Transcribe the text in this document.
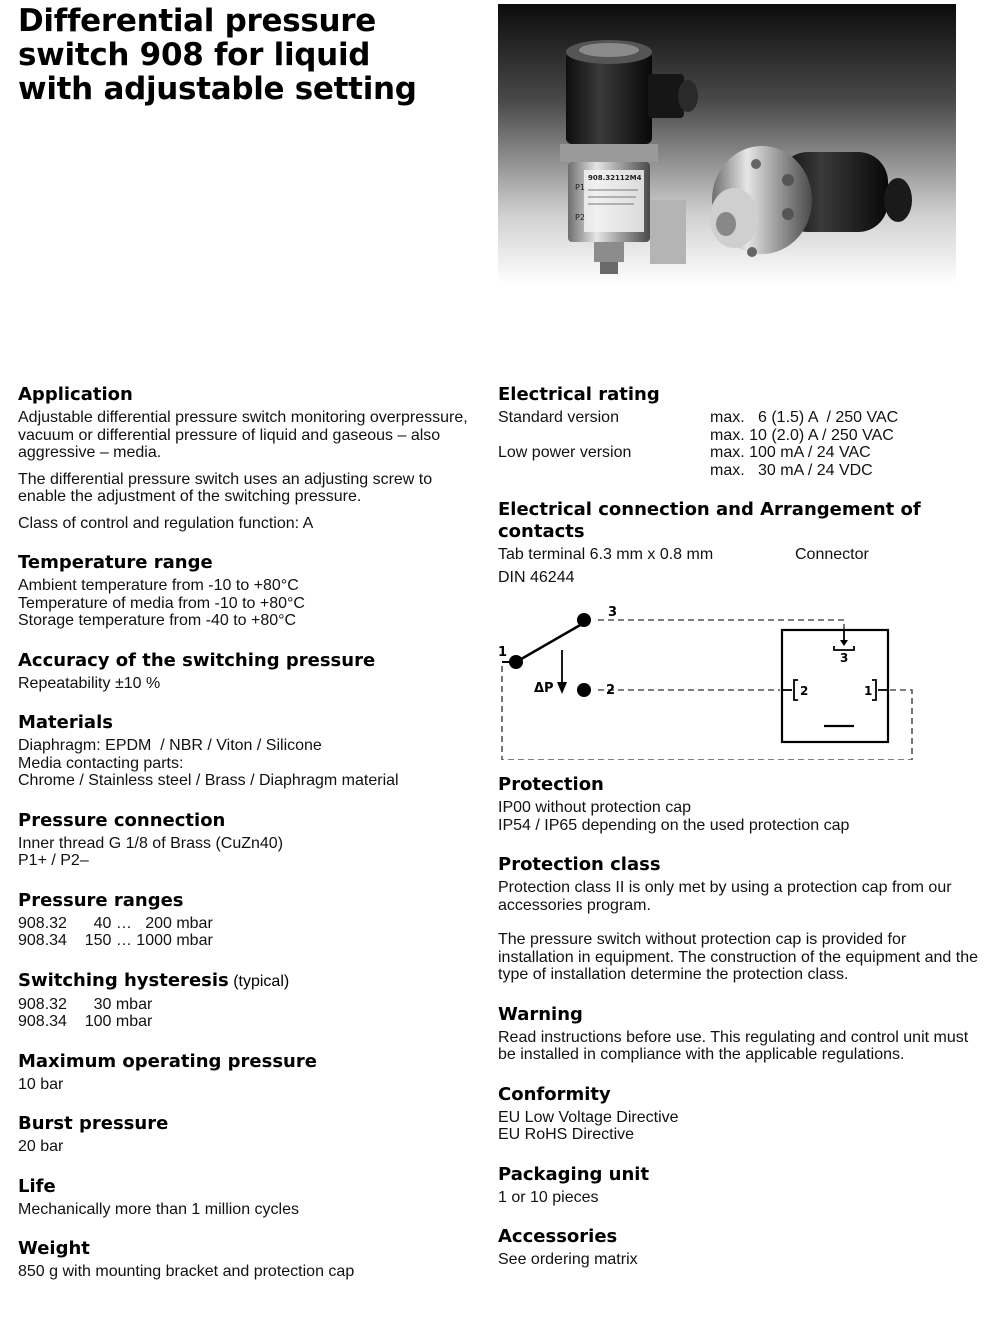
Differential pressure
switch 908 for liquid
with adjustable setting
908.32112M4
P1
P2
Application

Adjustable differential pressure switch monitoring overpressure, vacuum or differential pressure of liquid and gaseous – also aggressive – media.

The differential pressure switch uses an adjusting screw to enable the adjustment of the switching pressure.

Class of control and regulation function: A

Temperature range
Ambient temperature from -10 to +80°C
Temperature of media from -10 to +80°C
Storage temperature from -40 to +80°C
Accuracy of the switching pressure
Repeatability ±10 %
Materials
Diaphragm: EPDM  / NBR / Viton / Silicone
Media contacting parts:
Chrome / Stainless steel / Brass / Diaphragm material
Pressure connection
Inner thread G 1/8 of Brass (CuZn40)
P1+ / P2–
Pressure ranges
908.32      40 …   200 mbar
908.34    150 … 1000 mbar
Switching hysteresis (typical)
908.32      30 mbar
908.34    100 mbar
Maximum operating pressure
10 bar
Burst pressure
20 bar
Life
Mechanically more than 1 million cycles
Weight
850 g with mounting bracket and protection cap
Electrical rating
Standard version	max.   6 (1.5) A  / 250 VAC
max. 10 (2.0) A / 250 VAC
Low power version	max. 100 mA / 24 VAC
max.   30 mA / 24 VDC
Electrical connection and Arrangement of contacts
Tab terminal 6.3 mm x 0.8 mm	Connector
DIN 46244
1
2
3
ΔP
3
2	1
Protection
IP00 without protection cap
IP54 / IP65 depending on the used protection cap
Protection class

Protection class II is only met by using a protection cap from our accessories program.

The pressure switch without protection cap is provided for installation in equipment. The construction of the equipment and the type of installation determine the protection class.

Warning

Read instructions before use. This regulating and control unit must be installed in compliance with the applicable regulations.

Conformity
EU Low Voltage Directive
EU RoHS Directive
Packaging unit
1 or 10 pieces
Accessories
See ordering matrix
